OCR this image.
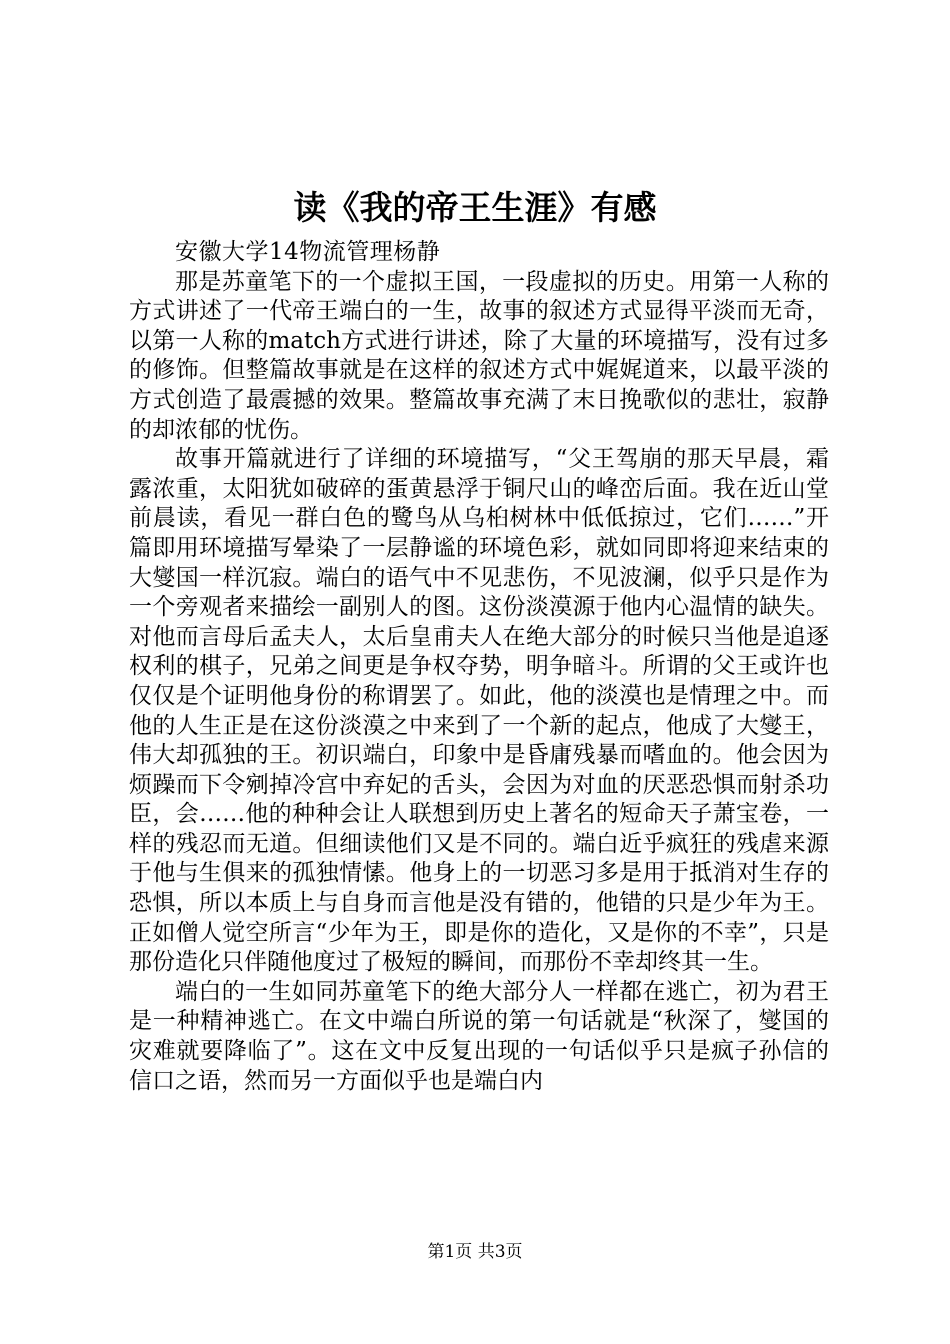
读《我的帝王生涯》有感

安徽大学14物流管理杨静

那是苏童笔下的一个虚拟王国，一段虚拟的历史。用第一人称的方式讲述了一代帝王端白的一生，故事的叙述方式显得平淡而无奇，以第一人称的match方式进行讲述，除了大量的环境描写，没有过多的修饰。但整篇故事就是在这样的叙述方式中娓娓道来，以最平淡的方式创造了最震撼的效果。整篇故事充满了末日挽歌似的悲壮，寂静的却浓郁的忧伤。

故事开篇就进行了详细的环境描写，“父王驾崩的那天早晨，霜露浓重，太阳犹如破碎的蛋黄悬浮于铜尺山的峰峦后面。我在近山堂前晨读，看见一群白色的鹭鸟从乌桕树林中低低掠过，它们……”开篇即用环境描写晕染了一层静谧的环境色彩，就如同即将迎来结束的大燮国一样沉寂。端白的语气中不见悲伤，不见波澜，似乎只是作为一个旁观者来描绘一副别人的图。这份淡漠源于他内心温情的缺失。对他而言母后孟夫人，太后皇甫夫人在绝大部分的时候只当他是追逐权利的棋子，兄弟之间更是争权夺势，明争暗斗。所谓的父王或许也仅仅是个证明他身份的称谓罢了。如此，他的淡漠也是情理之中。而他的人生正是在这份淡漠之中来到了一个新的起点，他成了大燮王，伟大却孤独的王。初识端白，印象中是昏庸残暴而嗜血的。他会因为烦躁而下令剜掉冷宫中弃妃的舌头，会因为对血的厌恶恐惧而射杀功臣，会……他的种种会让人联想到历史上著名的短命天子萧宝卷，一样的残忍而无道。但细读他们又是不同的。端白近乎疯狂的残虐来源于他与生俱来的孤独情愫。他身上的一切恶习多是用于抵消对生存的恐惧，所以本质上与自身而言他是没有错的，他错的只是少年为王。正如僧人觉空所言“少年为王，即是你的造化，又是你的不幸”，只是那份造化只伴随他度过了极短的瞬间，而那份不幸却终其一生。

端白的一生如同苏童笔下的绝大部分人一样都在逃亡，初为君王是一种精神逃亡。在文中端白所说的第一句话就是“秋深了，燮国的灾难就要降临了”。这在文中反复出现的一句话似乎只是疯子孙信的信口之语，然而另一方面似乎也是端白内

第1页 共3页
